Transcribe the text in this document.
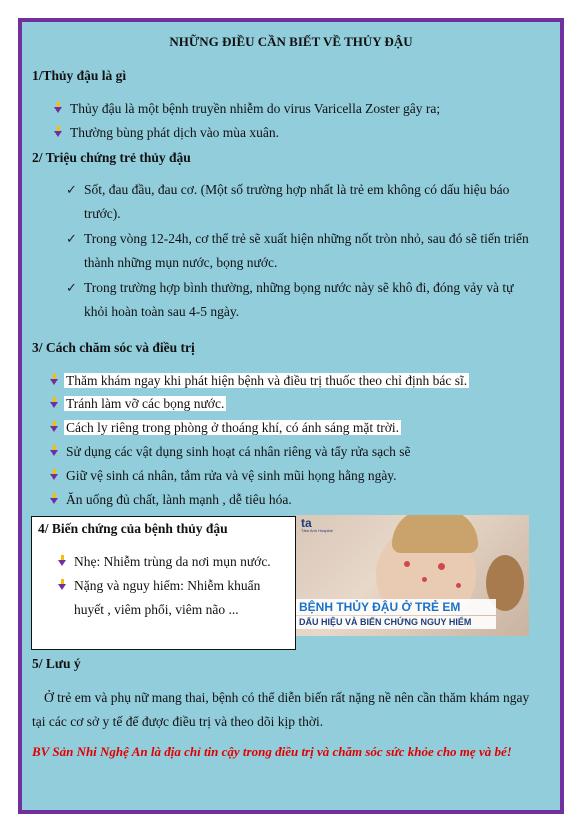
NHỮNG ĐIỀU CẦN BIẾT VỀ THỦY ĐẬU
1/Thủy đậu là gì
Thủy đậu là một bệnh truyền nhiễm do virus Varicella Zoster gây ra;
Thường bùng phát dịch vào mùa xuân.
2/ Triệu chứng trẻ thủy đậu
✓ Sốt, đau đầu, đau cơ. (Một số trường hợp nhất là trẻ em không có dấu hiệu báo
trước).
✓ Trong vòng 12-24h, cơ thể trẻ sẽ xuất hiện những nốt tròn nhỏ, sau đó sẽ tiến triển
thành những mụn nước, bọng nước.
✓ Trong trường hợp bình thường, những bọng nước này sẽ khô đi, đóng vảy và tự
khỏi hoàn toàn sau 4-5 ngày.
3/ Cách chăm sóc và điều trị
Thăm khám ngay khi phát hiện bệnh và điều trị thuốc theo chỉ định bác sĩ.
Tránh làm vỡ các bọng nước.
Cách ly riêng trong phòng ở thoáng khí, có ánh sáng mặt trời.
Sử dụng các vật dụng sinh hoạt cá nhân riêng và tẩy rửa sạch sẽ
Giữ vệ sinh cá nhân, tắm rửa và vệ sinh mũi họng hằng ngày.
Ăn uống đủ chất, lành mạnh , dễ tiêu hóa.
4/ Biến chứng của bệnh thủy đậu
Nhẹ: Nhiễm trùng da nơi mụn nước.
Nặng và nguy hiểm: Nhiễm khuẩn
huyết , viêm phổi, viêm não ...
ta
Tâm Anh Hospital
BỆNH THỦY ĐẬU Ở TRẺ EM
DẤU HIỆU VÀ BIẾN CHỨNG NGUY HIỂM
5/ Lưu ý
Ở trẻ em và phụ nữ mang thai, bệnh có thể diễn biến rất nặng nề nên cần thăm khám ngay
tại các cơ sở y tế để được điều trị và theo dõi kịp thời.
BV Sản Nhi Nghệ An là địa chỉ tin cậy trong điều trị và chăm sóc sức khỏe cho mẹ và bé!
